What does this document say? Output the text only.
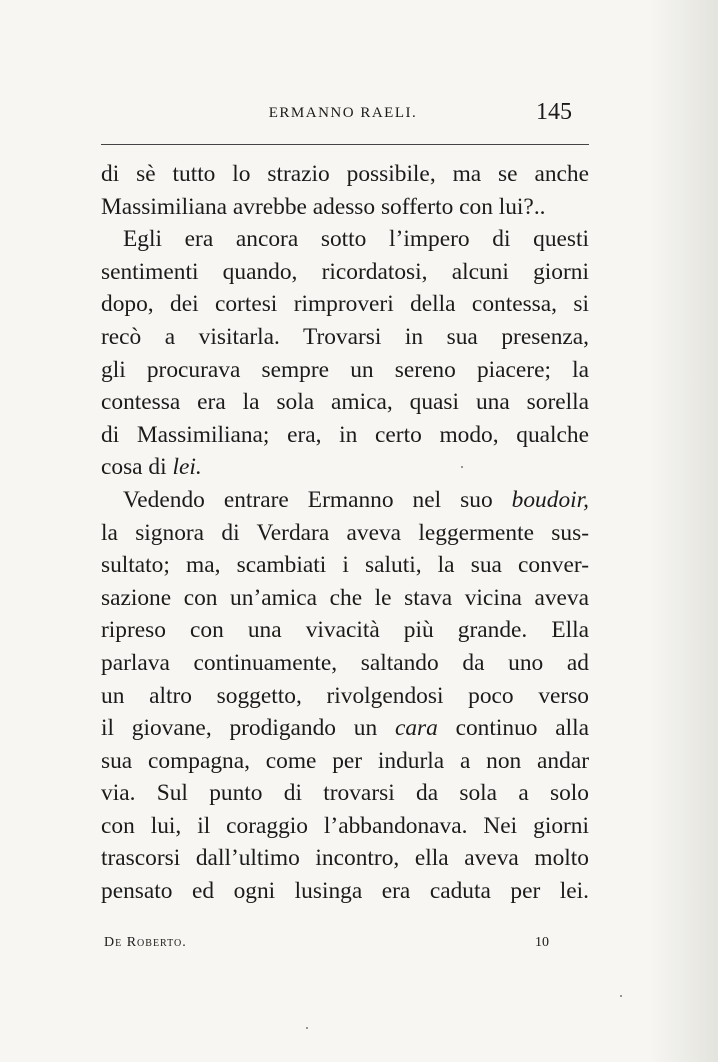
ERMANNO RAELI.	145
di sè tutto lo strazio possibile, ma se anche
Massimiliana avrebbe adesso sofferto con lui?..
Egli era ancora sotto l’impero di questi
sentimenti quando, ricordatosi, alcuni giorni
dopo, dei cortesi rimproveri della contessa, si
recò a visitarla. Trovarsi in sua presenza,
gli procurava sempre un sereno piacere; la
contessa era la sola amica, quasi una sorella
di Massimiliana; era, in certo modo, qualche
cosa di lei.
Vedendo entrare Ermanno nel suo boudoir,
la signora di Verdara aveva leggermente sus-
sultato; ma, scambiati i saluti, la sua conver-
sazione con un’amica che le stava vicina aveva
ripreso con una vivacità più grande. Ella
parlava continuamente, saltando da uno ad
un altro soggetto, rivolgendosi poco verso
il giovane, prodigando un cara continuo alla
sua compagna, come per indurla a non andar
via. Sul punto di trovarsi da sola a solo
con lui, il coraggio l’abbandonava. Nei giorni
trascorsi dall’ultimo incontro, ella aveva molto
pensato ed ogni lusinga era caduta per lei.
De Roberto.	10
